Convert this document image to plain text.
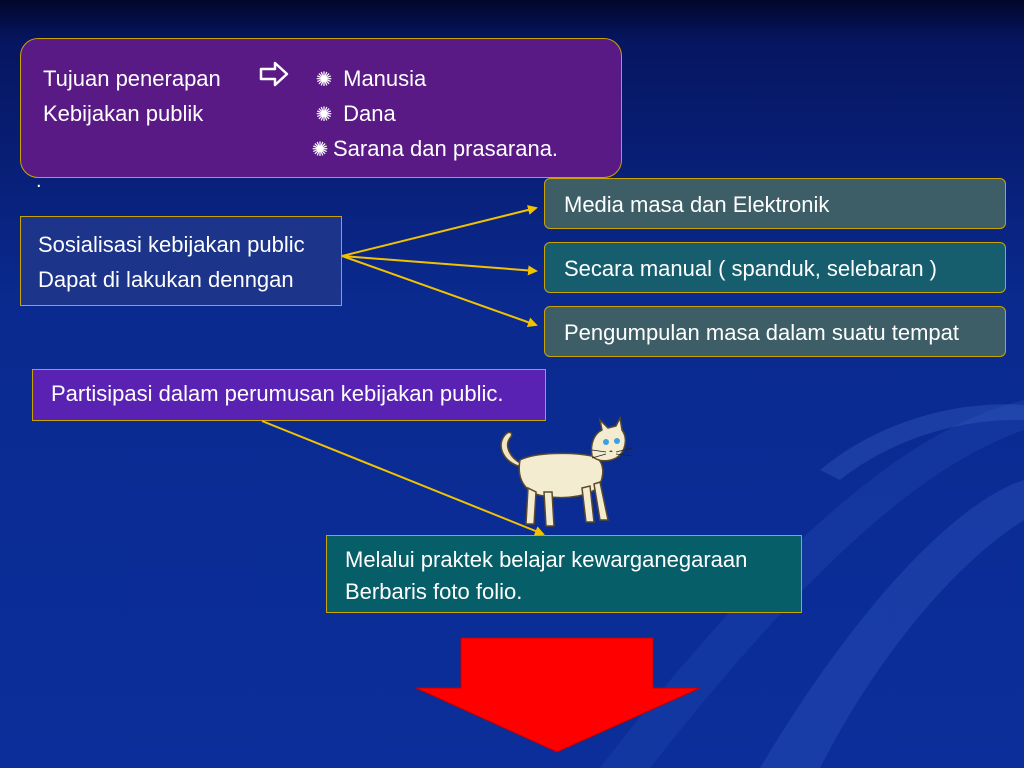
Tujuan penerapan
Kebijakan publik
✺ Manusia
✺ Dana
✺ Sarana dan prasarana.
.
Sosialisasi kebijakan public
Dapat di lakukan denngan
Media masa dan Elektronik
Secara manual ( spanduk, selebaran )
Pengumpulan masa dalam suatu tempat
Partisipasi dalam perumusan kebijakan public.
Melalui praktek belajar kewarganegaraan
Berbaris foto folio.
